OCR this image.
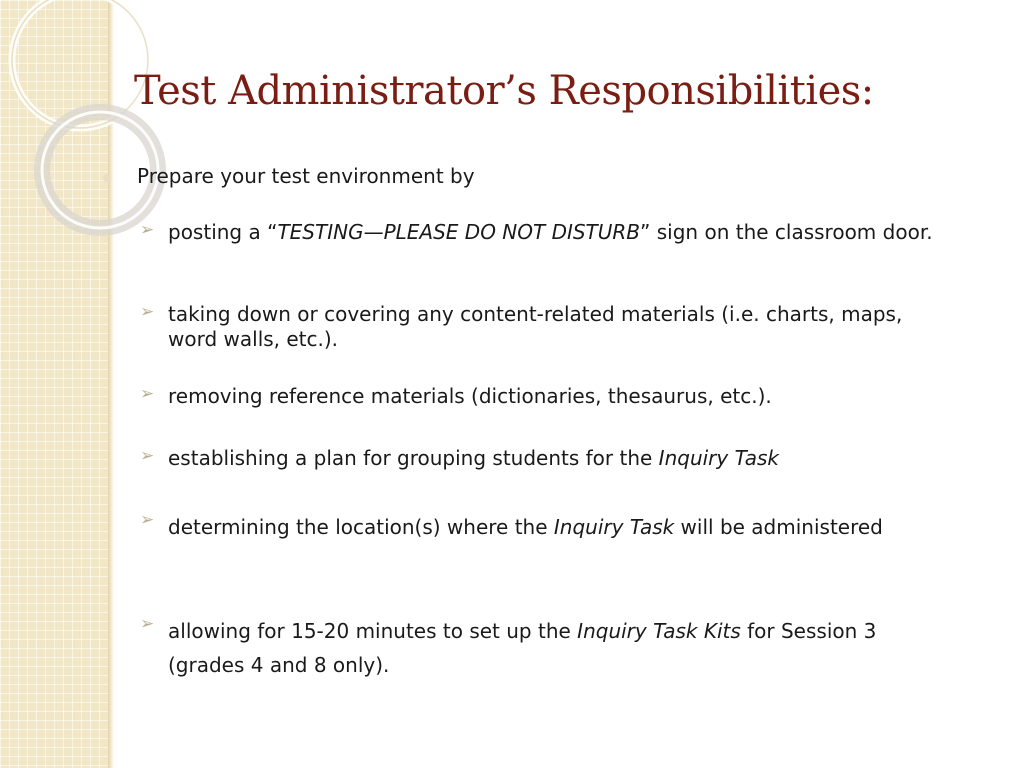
Test Administrator’s Responsibilities:
Prepare your test environment by
➢ posting a “TESTING—PLEASE DO NOT DISTURB” sign on the classroom door.
➢ taking down or covering any content-related materials (i.e. charts, maps, word walls, etc.).
➢ removing reference materials (dictionaries, thesaurus, etc.).
➢ establishing a plan for grouping students for the Inquiry Task
➢ determining the location(s) where the Inquiry Task will be administered
➢ allowing for 15-20 minutes to set up the Inquiry Task Kits for Session 3 (grades 4 and 8 only).
